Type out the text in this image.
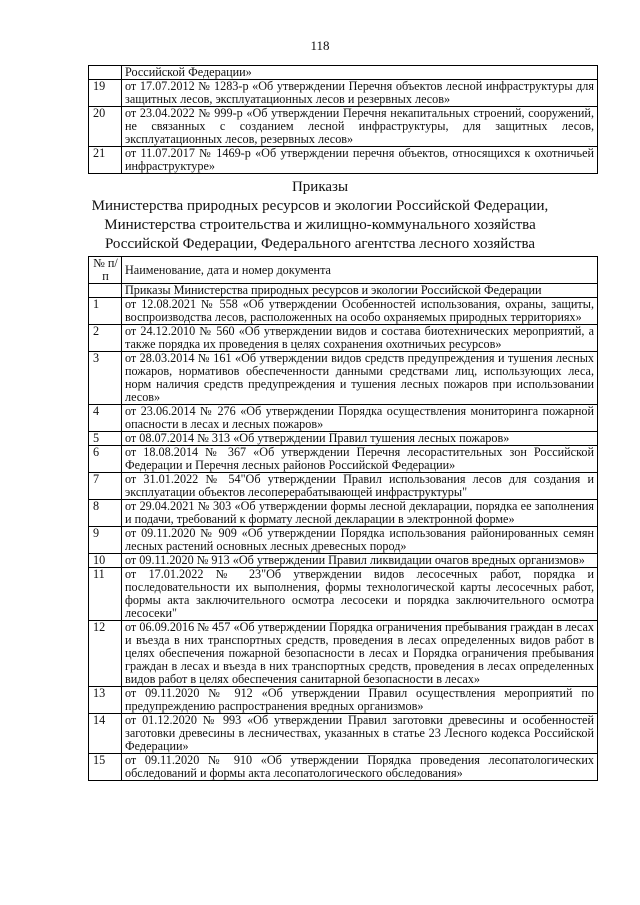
118
	Российской Федерации»
19	от 17.07.2012 № 1283-р «Об утверждении Перечня объектов лесной инфраструктуры для защитных лесов, эксплуатационных лесов и резервных лесов»
20	от 23.04.2022 № 999-р «Об утверждении Перечня некапитальных строений, сооружений, не связанных с созданием лесной инфраструктуры, для защитных лесов, эксплуатационных лесов, резервных лесов»
21	от 11.07.2017 № 1469-р «Об утверждении перечня объектов, относящихся к охотничьей инфраструктуре»
Приказы
Министерства природных ресурсов и экологии Российской Федерации,
Министерства строительства и жилищно-коммунального хозяйства
Российской Федерации, Федерального агентства лесного хозяйства
№ п/п	Наименование, дата и номер документа
	Приказы Министерства природных ресурсов и экологии Российской Федерации
1	от 12.08.2021 № 558 «Об утверждении Особенностей использования, охраны, защиты, воспроизводства лесов, расположенных на особо охраняемых природных территориях»
2	от 24.12.2010 № 560 «Об утверждении видов и состава биотехнических мероприятий, а также порядка их проведения в целях сохранения охотничьих ресурсов»
3	от 28.03.2014 № 161 «Об утверждении видов средств предупреждения и тушения лесных пожаров, нормативов обеспеченности данными средствами лиц, использующих леса, норм наличия средств предупреждения и тушения лесных пожаров при использовании лесов»
4	от 23.06.2014 № 276 «Об утверждении Порядка осуществления мониторинга пожарной опасности в лесах и лесных пожаров»
5	от 08.07.2014 № 313 «Об утверждении Правил тушения лесных пожаров»
6	от 18.08.2014 № 367 «Об утверждении Перечня лесорастительных зон Российской Федерации и Перечня лесных районов Российской Федерации»
7	от 31.01.2022 № 54"Об утверждении Правил использования лесов для создания и эксплуатации объектов лесоперерабатывающей инфраструктуры"
8	от 29.04.2021 № 303 «Об утверждении формы лесной декларации, порядка ее заполнения и подачи, требований к формату лесной декларации в электронной форме»
9	от 09.11.2020 № 909 «Об утверждении Порядка использования районированных семян лесных растений основных лесных древесных пород»
10	от 09.11.2020 № 913 «Об утверждении Правил ликвидации очагов вредных организмов»
11	от 17.01.2022 № 23"Об утверждении видов лесосечных работ, порядка и последовательности их выполнения, формы технологической карты лесосечных работ, формы акта заключительного осмотра лесосеки и порядка заключительного осмотра лесосеки"
12	от 06.09.2016 № 457 «Об утверждении Порядка ограничения пребывания граждан в лесах и въезда в них транспортных средств, проведения в лесах определенных видов работ в целях обеспечения пожарной безопасности в лесах и Порядка ограничения пребывания граждан в лесах и въезда в них транспортных средств, проведения в лесах определенных видов работ в целях обеспечения санитарной безопасности в лесах»
13	от 09.11.2020 № 912 «Об утверждении Правил осуществления мероприятий по предупреждению распространения вредных организмов»
14	от 01.12.2020 № 993 «Об утверждении Правил заготовки древесины и особенностей заготовки древесины в лесничествах, указанных в статье 23 Лесного кодекса Российской Федерации»
15	от 09.11.2020 № 910 «Об утверждении Порядка проведения лесопатологических обследований и формы акта лесопатологического обследования»
